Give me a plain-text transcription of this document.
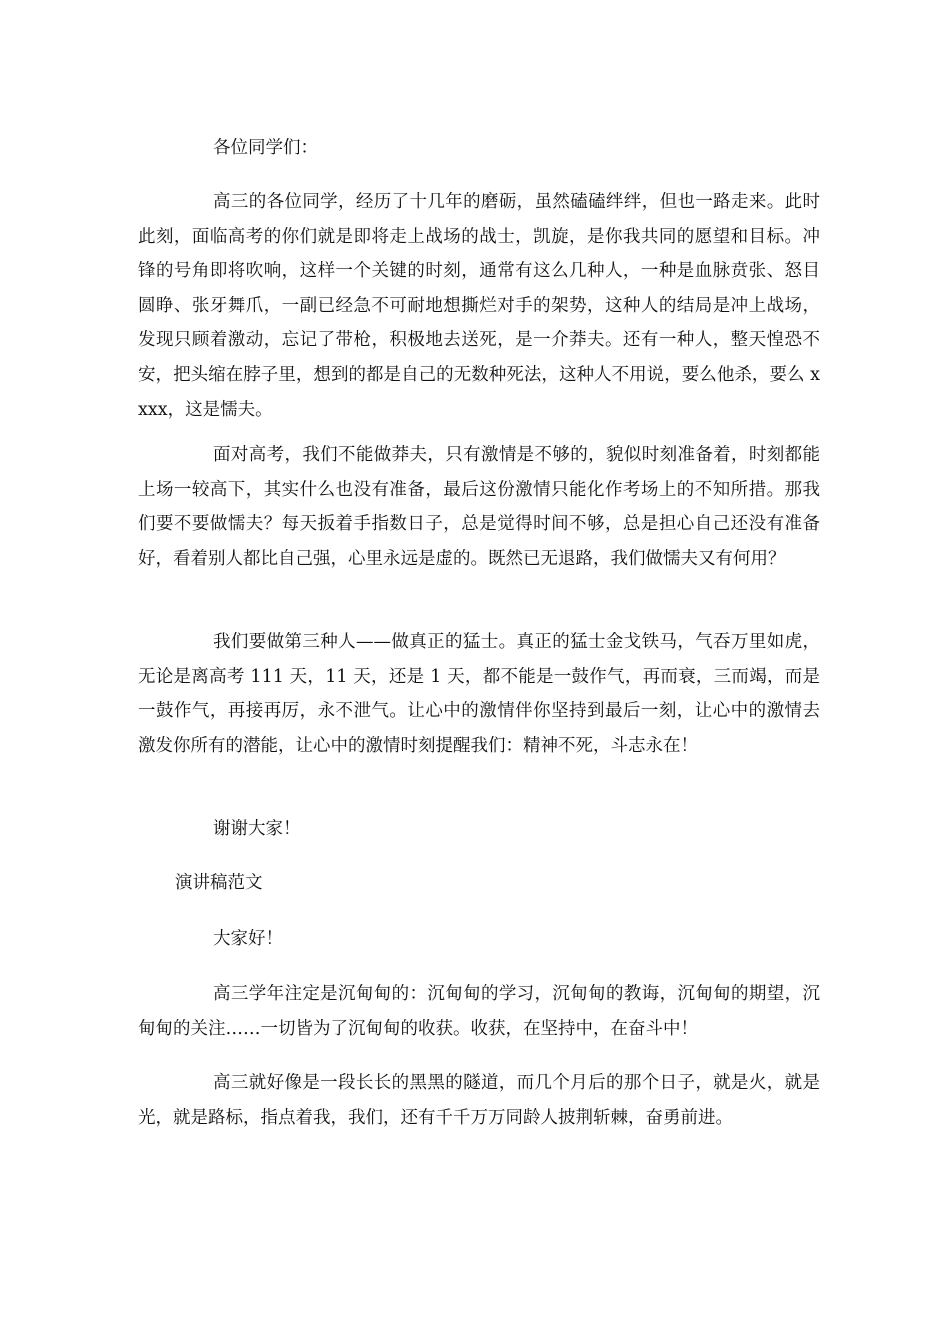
各位同学们：

高三的各位同学，经历了十几年的磨砺，虽然磕磕绊绊，但也一路走来。此时此刻，面临高考的你们就是即将走上战场的战士，凯旋，是你我共同的愿望和目标。冲锋的号角即将吹响，这样一个关键的时刻，通常有这么几种人，一种是血脉贲张、怒目圆睁、张牙舞爪，一副已经急不可耐地想撕烂对手的架势，这种人的结局是冲上战场，发现只顾着激动，忘记了带枪，积极地去送死，是一介莽夫。还有一种人，整天惶恐不安，把头缩在脖子里，想到的都是自己的无数种死法，这种人不用说，要么他杀，要么 xxxx，这是懦夫。

面对高考，我们不能做莽夫，只有激情是不够的，貌似时刻准备着，时刻都能上场一较高下，其实什么也没有准备，最后这份激情只能化作考场上的不知所措。那我们要不要做懦夫？每天扳着手指数日子，总是觉得时间不够，总是担心自己还没有准备好，看着别人都比自己强，心里永远是虚的。既然已无退路，我们做懦夫又有何用？

我们要做第三种人——做真正的猛士。真正的猛士金戈铁马，气吞万里如虎，无论是离高考 111 天，11 天，还是 1 天，都不能是一鼓作气，再而衰，三而竭，而是一鼓作气，再接再厉，永不泄气。让心中的激情伴你坚持到最后一刻，让心中的激情去激发你所有的潜能，让心中的激情时刻提醒我们：精神不死，斗志永在！

谢谢大家！

演讲稿范文

大家好！

高三学年注定是沉甸甸的：沉甸甸的学习，沉甸甸的教诲，沉甸甸的期望，沉甸甸的关注……一切皆为了沉甸甸的收获。收获，在坚持中，在奋斗中！

高三就好像是一段长长的黑黑的隧道，而几个月后的那个日子，就是火，就是光，就是路标，指点着我，我们，还有千千万万同龄人披荆斩棘，奋勇前进。
